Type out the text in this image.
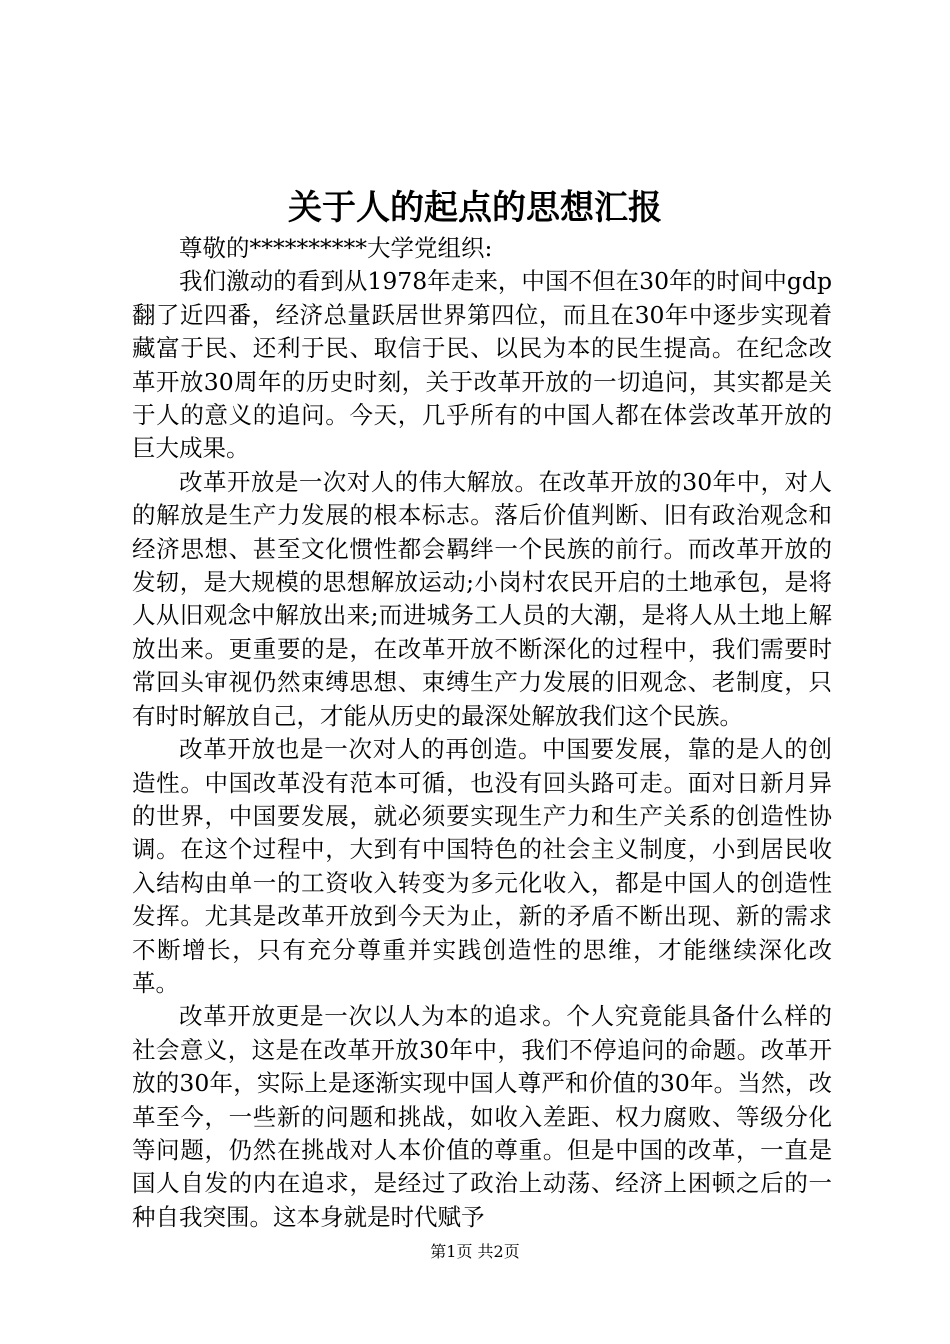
关于人的起点的思想汇报
尊敬的**********大学党组织:

我们激动的看到从1978年走来，中国不但在30年的时间中gdp翻了近四番，经济总量跃居世界第四位，而且在30年中逐步实现着藏富于民、还利于民、取信于民、以民为本的民生提高。在纪念改革开放30周年的历史时刻，关于改革开放的一切追问，其实都是关于人的意义的追问。今天，几乎所有的中国人都在体尝改革开放的巨大成果。

改革开放是一次对人的伟大解放。在改革开放的30年中，对人的解放是生产力发展的根本标志。落后价值判断、旧有政治观念和经济思想、甚至文化惯性都会羁绊一个民族的前行。而改革开放的发轫，是大规模的思想解放运动;小岗村农民开启的土地承包，是将人从旧观念中解放出来;而进城务工人员的大潮，是将人从土地上解放出来。更重要的是，在改革开放不断深化的过程中，我们需要时常回头审视仍然束缚思想、束缚生产力发展的旧观念、老制度，只有时时解放自己，才能从历史的最深处解放我们这个民族。

改革开放也是一次对人的再创造。中国要发展，靠的是人的创造性。中国改革没有范本可循，也没有回头路可走。面对日新月异的世界，中国要发展，就必须要实现生产力和生产关系的创造性协调。在这个过程中，大到有中国特色的社会主义制度，小到居民收入结构由单一的工资收入转变为多元化收入，都是中国人的创造性发挥。尤其是改革开放到今天为止，新的矛盾不断出现、新的需求不断增长，只有充分尊重并实践创造性的思维，才能继续深化改革。

改革开放更是一次以人为本的追求。个人究竟能具备什么样的社会意义，这是在改革开放30年中，我们不停追问的命题。改革开放的30年，实际上是逐渐实现中国人尊严和价值的30年。当然，改革至今，一些新的问题和挑战，如收入差距、权力腐败、等级分化等问题，仍然在挑战对人本价值的尊重。但是中国的改革，一直是国人自发的内在追求，是经过了政治上动荡、经济上困顿之后的一种自我突围。这本身就是时代赋予

第1页 共2页
